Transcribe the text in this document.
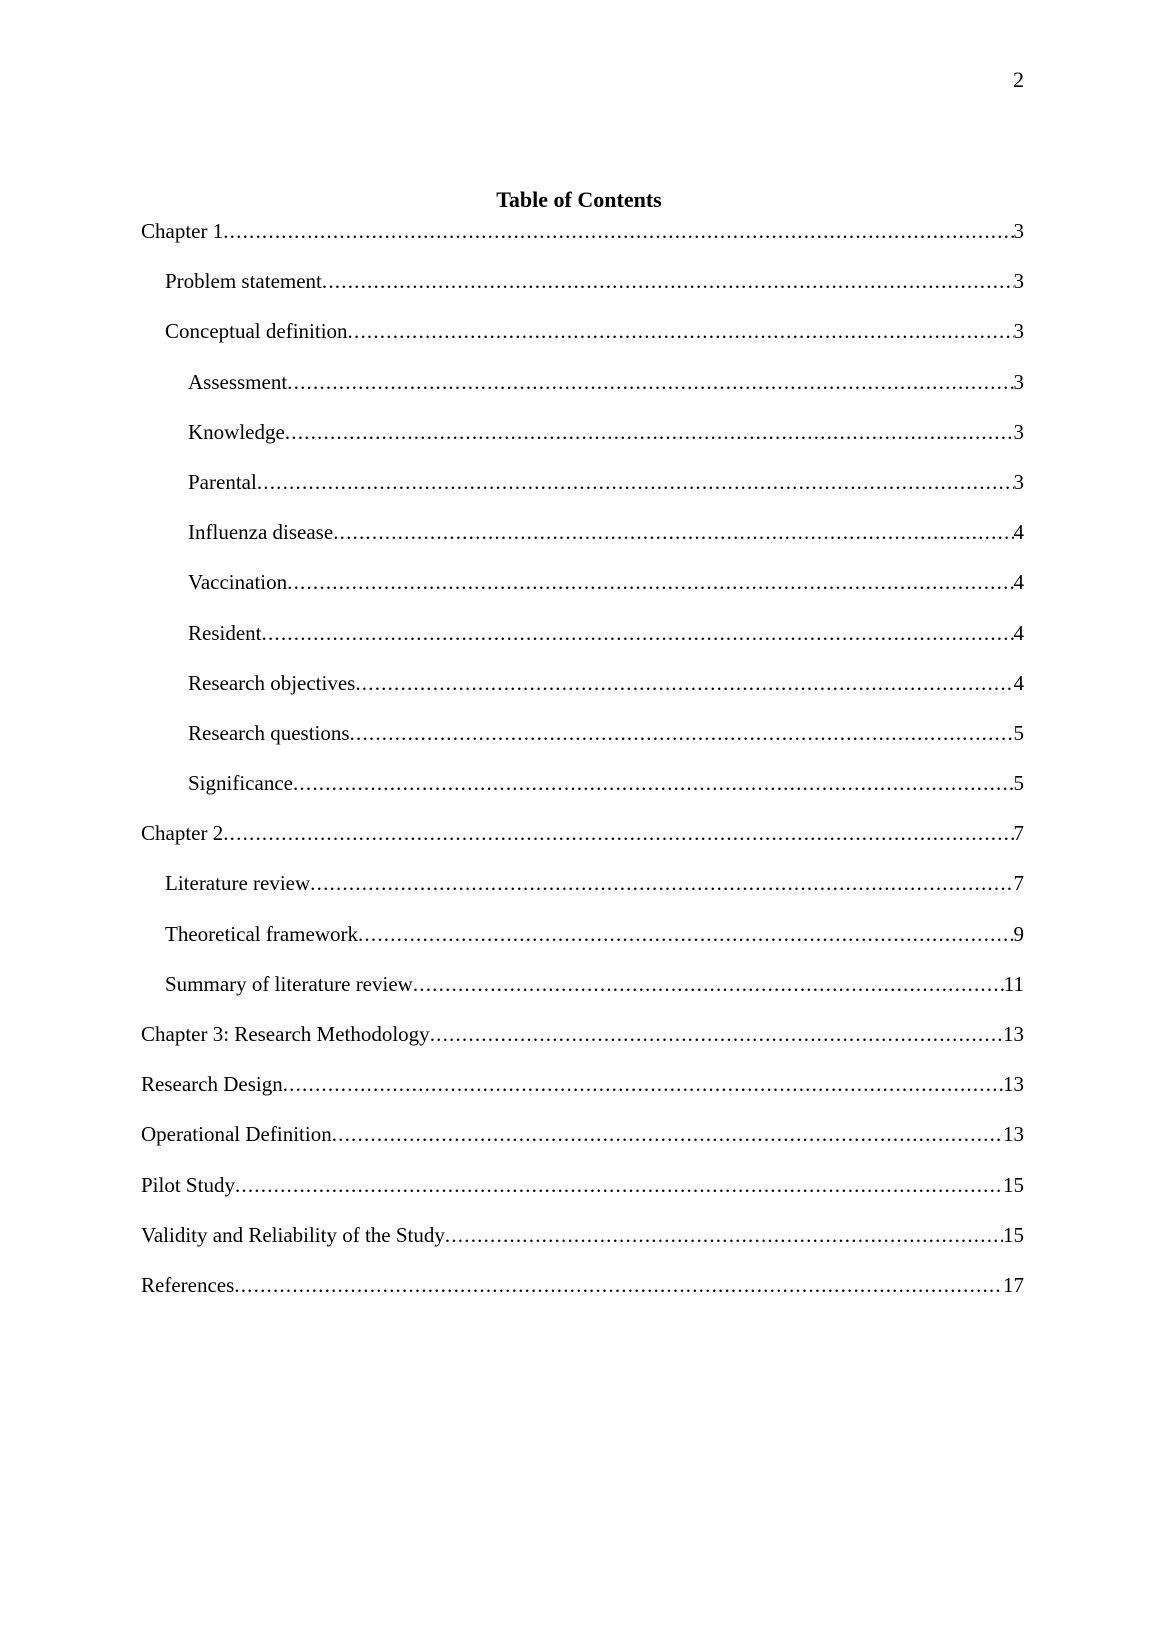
2
Table of Contents
Chapter 1 .....	3
Problem statement .....	3
Conceptual definition .....	3
Assessment .....	3
Knowledge .....	3
Parental .....	3
Influenza disease .....	4
Vaccination .....	4
Resident .....	4
Research objectives .....	4
Research questions .....	5
Significance .....	5
Chapter 2 .....	7
Literature review .....	7
Theoretical framework .....	9
Summary of literature review .....	11
Chapter 3: Research Methodology .....	13
Research Design .....	13
Operational Definition .....	13
Pilot Study .....	15
Validity and Reliability of the Study .....	15
References .....	17
